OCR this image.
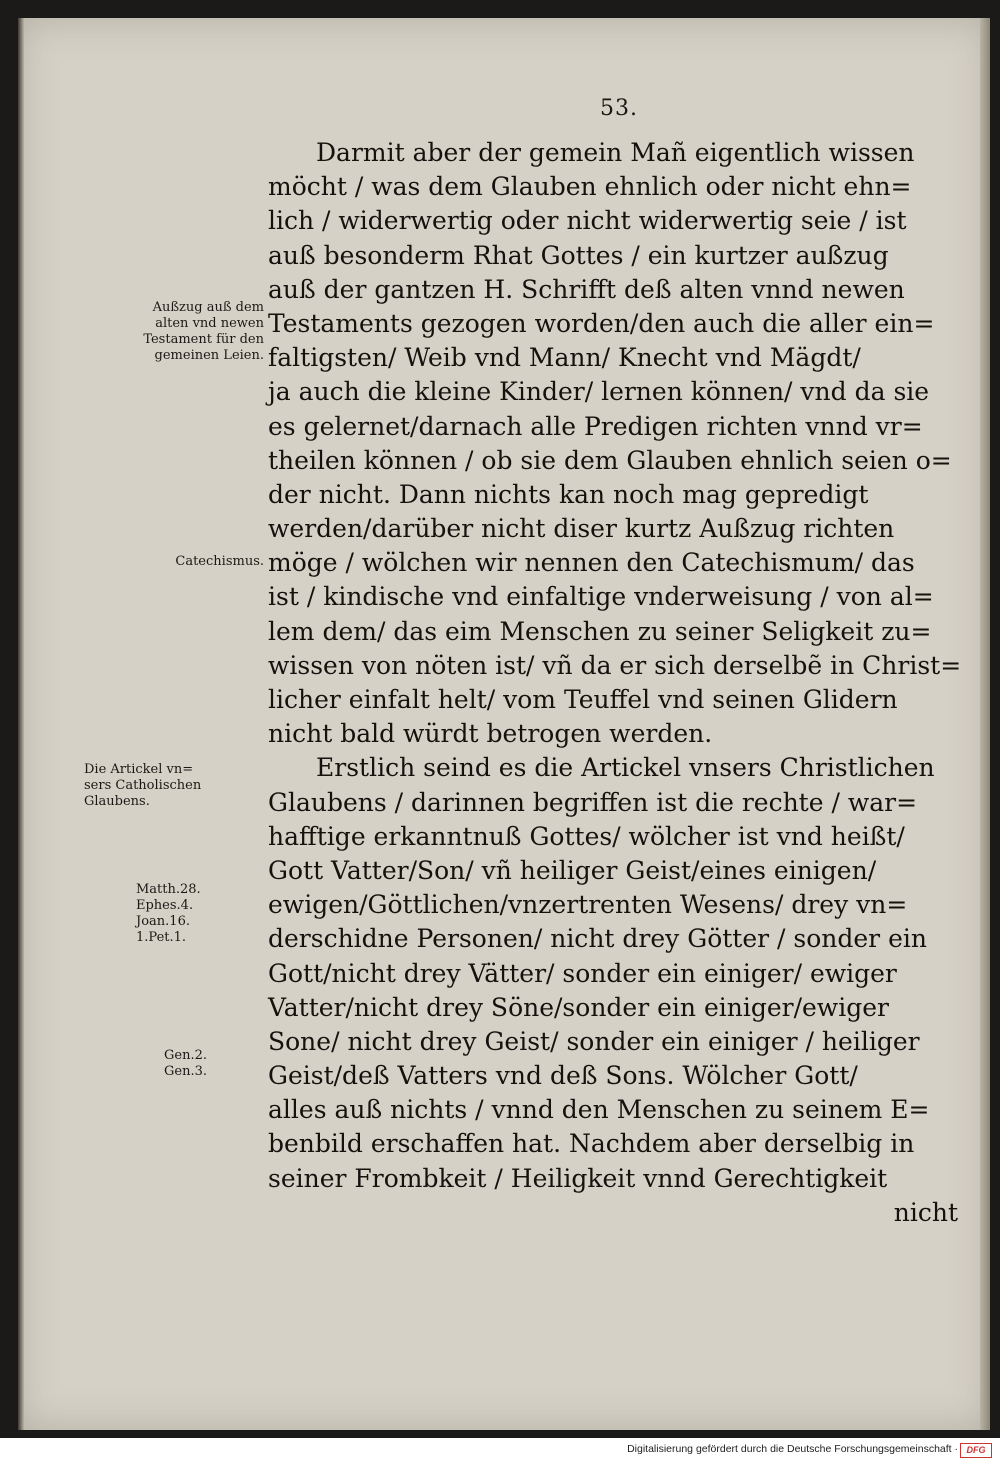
53.
Darmit aber der gemein Mañ eigentlich wissen
möcht / was dem Glauben ehnlich oder nicht ehn=
lich / widerwertig oder nicht widerwertig seie / ist
auß besonderm Rhat Gottes / ein kurtzer außzug
auß der gantzen H. Schrifft deß alten vnnd newen
Testaments gezogen worden/den auch die aller ein=
faltigsten/ Weib vnd Mann/ Knecht vnd Mägdt/
ja auch die kleine Kinder/ lernen können/ vnd da sie
es gelernet/darnach alle Predigen richten vnnd vr=
theilen können / ob sie dem Glauben ehnlich seien o=
der nicht. Dann nichts kan noch mag gepredigt
werden/darüber nicht diser kurtz Außzug richten
möge / wölchen wir nennen den Catechismum/ das
ist / kindische vnd einfaltige vnderweisung / von al=
lem dem/ das eim Menschen zu seiner Seligkeit zu=
wissen von nöten ist/ vñ da er sich derselbẽ in Christ=
licher einfalt helt/ vom Teuffel vnd seinen Glidern
nicht bald würdt betrogen werden.
Erstlich seind es die Artickel vnsers Christlichen
Glaubens / darinnen begriffen ist die rechte / war=
hafftige erkanntnuß Gottes/ wölcher ist vnd heißt/
Gott Vatter/Son/ vñ heiliger Geist/eines einigen/
ewigen/Göttlichen/vnzertrenten Wesens/ drey vn=
derschidne Personen/ nicht drey Götter / sonder ein
Gott/nicht drey Vätter/ sonder ein einiger/ ewiger
Vatter/nicht drey Söne/sonder ein einiger/ewiger
Sone/ nicht drey Geist/ sonder ein einiger / heiliger
Geist/deß Vatters vnd deß Sons. Wölcher Gott/
alles auß nichts / vnnd den Menschen zu seinem E=
benbild erschaffen hat. Nachdem aber derselbig in
seiner Frombkeit / Heiligkeit vnnd Gerechtigkeit
nicht
Außzug auß dem
alten vnd newen
Testament für den
gemeinen Leien.
Catechismus.
Die Artickel vn=
sers Catholischen
Glaubens.
Matth.28.
Ephes.4.
Joan.16.
1.Pet.1.
Gen.2.
Gen.3.
Digitalisierung gefördert durch die Deutsche Forschungsgemeinschaft · DFG
